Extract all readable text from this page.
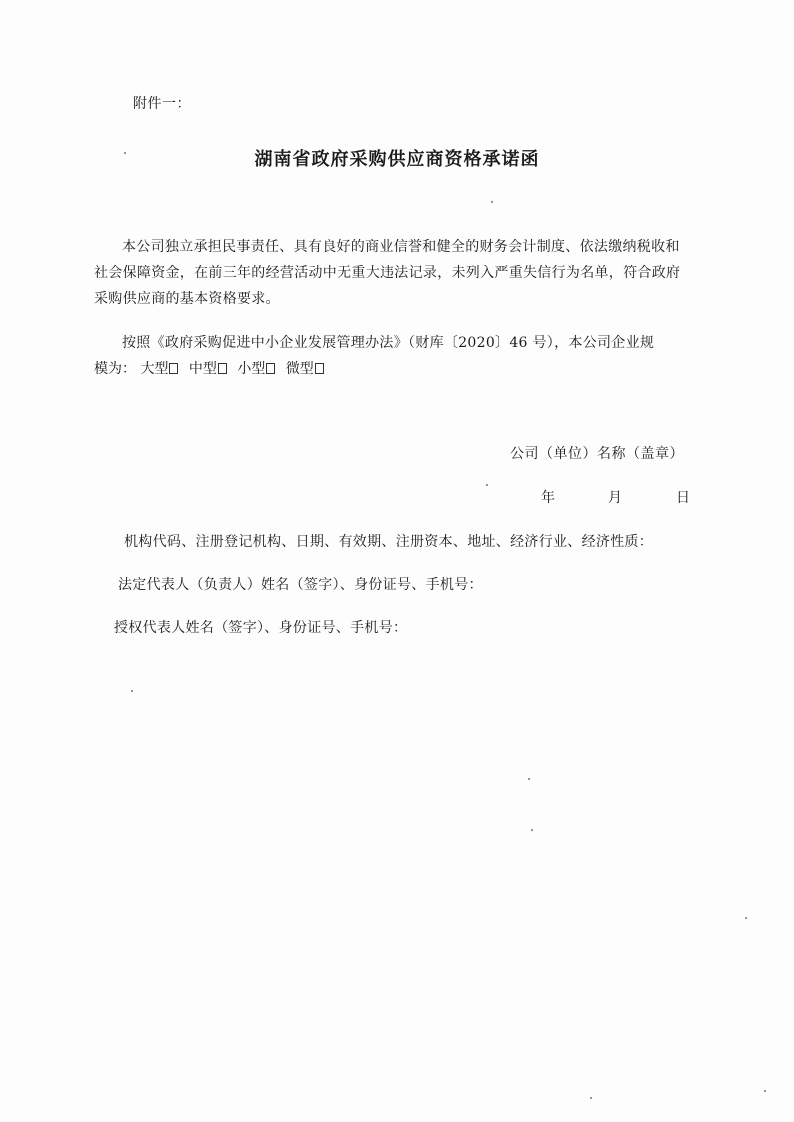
附件一：
湖南省政府采购供应商资格承诺函
本公司独立承担民事责任、具有良好的商业信誉和健全的财务会计制度、依法缴纳税收和社会保障资金，在前三年的经营活动中无重大违法记录，未列入严重失信行为名单，符合政府采购供应商的基本资格要求。
按照《政府采购促进中小企业发展管理办法》（财库〔2020〕46 号），本公司企业规
模为： 大型 中型 小型 微型
公司（单位）名称（盖章）
年	月	日
机构代码、注册登记机构、日期、有效期、注册资本、地址、经济行业、经济性质：
法定代表人（负责人）姓名（签字）、身份证号、手机号：
授权代表人姓名（签字）、身份证号、手机号：
